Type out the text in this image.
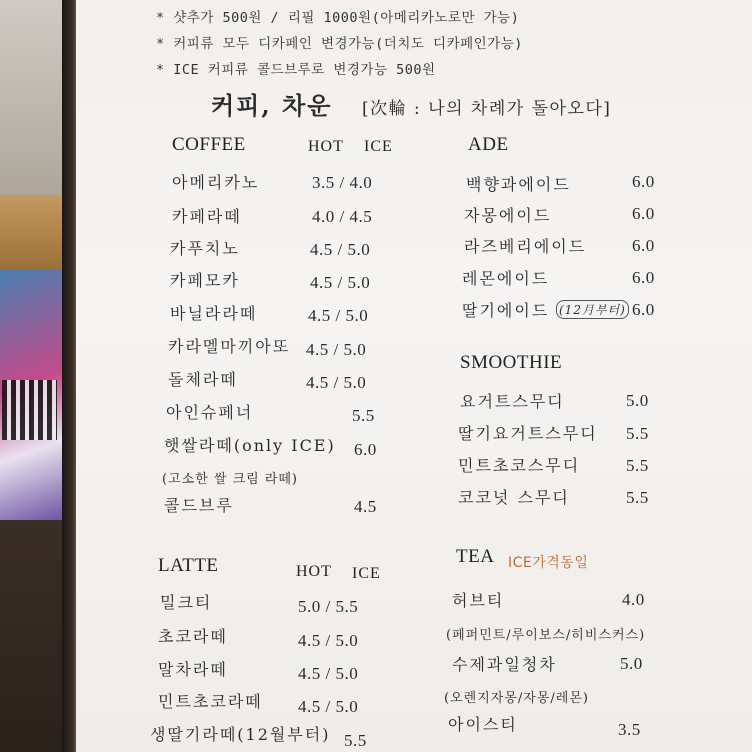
* 샷추가 500원 / 리필 1000원(아메리카노로만 가능)
* 커피류 모두 디카페인 변경가능(더치도 디카페인가능)
* ICE 커피류 콜드브루로 변경가능 500원
커피, 차운 [次輪 : 나의 차례가 돌아오다]
COFFEE	HOT ICE
아메리카노	3.5 / 4.0
카페라떼	4.0 / 4.5
카푸치노	4.5 / 5.0
카페모카	4.5 / 5.0
바닐라라떼	4.5 / 5.0
카라멜마끼아또 4.5 / 5.0
돌체라떼	4.5 / 5.0
아인슈페너	5.5
햇쌀라떼(only ICE) 6.0
(고소한 쌀 크림 라떼)
콜드브루	4.5
LATTE	HOT ICE
밀크티	5.0 / 5.5
초코라떼	4.5 / 5.0
말차라떼	4.5 / 5.0
민트초코라떼 4.5 / 5.0
생딸기라떼(12월부터) 5.5
ADE
백향과에이드	6.0
자몽에이드	6.0
라즈베리에이드	6.0
레몬에이드	6.0
딸기에이드 (12月부터) 6.0
SMOOTHIE
요거트스무디	5.0
딸기요거트스무디 5.5
민트초코스무디	5.5
코코넛 스무디	5.5
TEA ICE가격동일
허브티	4.0
(페퍼민트/루이보스/히비스커스)
수제과일청차	5.0
(오렌지자몽/자몽/레몬)
아이스티	3.5
